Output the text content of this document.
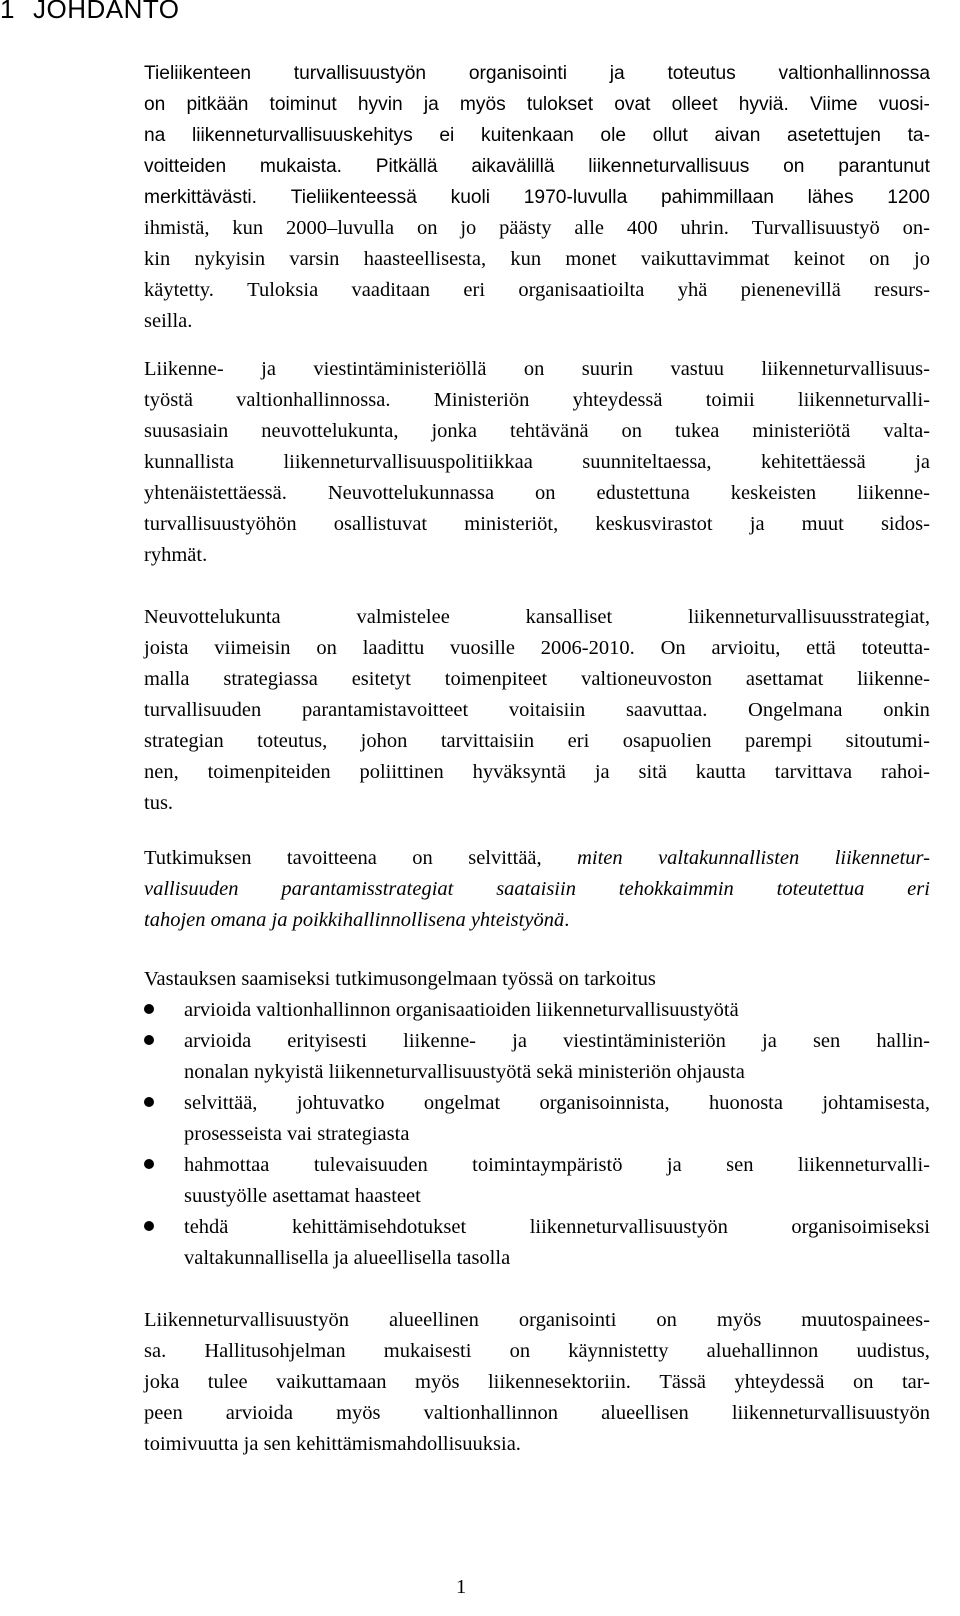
1 JOHDANTO
Tieliikenteen turvallisuustyön organisointi ja toteutus valtionhallinnossa
on pitkään toiminut hyvin ja myös tulokset ovat olleet hyviä. Viime vuosi-
na liikenneturvallisuuskehitys ei kuitenkaan ole ollut aivan asetettujen ta-
voitteiden mukaista. Pitkällä aikavälillä liikenneturvallisuus on parantunut
merkittävästi. Tieliikenteessä kuoli 1970-luvulla pahimmillaan lähes 1200
ihmistä, kun 2000–luvulla on jo päästy alle 400 uhrin. Turvallisuustyö on-
kin nykyisin varsin haasteellisesta, kun monet vaikuttavimmat keinot on jo
käytetty. Tuloksia vaaditaan eri organisaatioilta yhä pienenevillä resurs-
seilla.
Liikenne- ja viestintäministeriöllä on suurin vastuu liikenneturvallisuus-
työstä valtionhallinnossa. Ministeriön yhteydessä toimii liikenneturvalli-
suusasiain neuvottelukunta, jonka tehtävänä on tukea ministeriötä valta-
kunnallista liikenneturvallisuuspolitiikkaa suunniteltaessa, kehitettäessä ja
yhtenäistettäessä. Neuvottelukunnassa on edustettuna keskeisten liikenne-
turvallisuustyöhön osallistuvat ministeriöt, keskusvirastot ja muut sidos-
ryhmät.
Neuvottelukunta	valmistelee	kansalliset	liikenneturvallisuusstrategiat,
joista viimeisin on laadittu vuosille 2006-2010. On arvioitu, että toteutta-
malla strategiassa esitetyt toimenpiteet valtioneuvoston asettamat liikenne-
turvallisuuden parantamistavoitteet voitaisiin saavuttaa. Ongelmana onkin
strategian toteutus, johon tarvittaisiin eri osapuolien parempi sitoutumi-
nen, toimenpiteiden poliittinen hyväksyntä ja sitä kautta tarvittava rahoi-
tus.
Tutkimuksen tavoitteena on selvittää, miten valtakunnallisten liikennetur-
vallisuuden parantamisstrategiat saataisiin tehokkaimmin toteutettua eri
tahojen omana ja poikkihallinnollisena yhteistyönä .
Vastauksen saamiseksi tutkimusongelmaan työssä on tarkoitus
arvioida valtionhallinnon organisaatioiden liikenneturvallisuustyötä
arvioida erityisesti liikenne- ja viestintäministeriön ja sen hallin-
nonalan nykyistä liikenneturvallisuustyötä sekä ministeriön ohjausta
selvittää, johtuvatko ongelmat organisoinnista, huonosta johtamisesta,
prosesseista vai strategiasta
hahmottaa tulevaisuuden toimintaympäristö ja sen liikenneturvalli-
suustyölle asettamat haasteet
tehdä	kehittämisehdotukset	liikenneturvallisuustyön	organisoimiseksi
valtakunnallisella ja alueellisella tasolla
Liikenneturvallisuustyön alueellinen organisointi on myös muutospainees-
sa. Hallitusohjelman mukaisesti on käynnistetty aluehallinnon uudistus,
joka tulee vaikuttamaan myös liikennesektoriin. Tässä yhteydessä on tar-
peen arvioida myös valtionhallinnon alueellisen liikenneturvallisuustyön
toimivuutta ja sen kehittämismahdollisuuksia.
1
